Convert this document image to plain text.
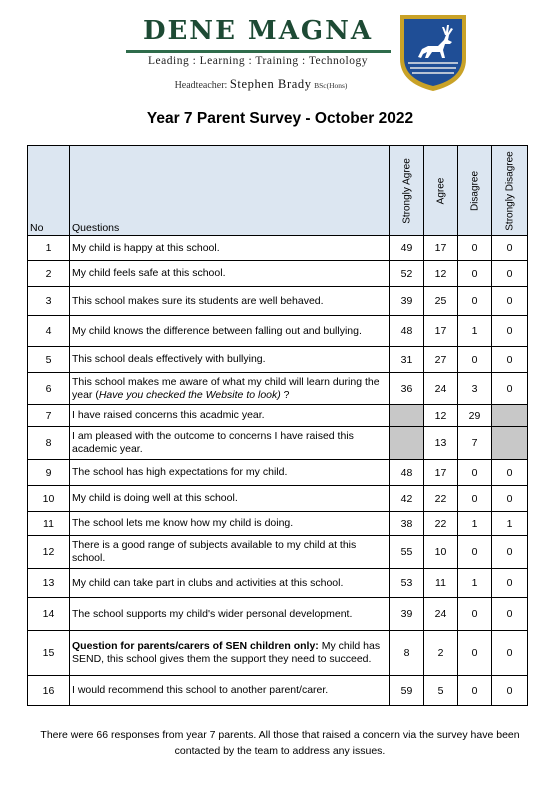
DENE MAGNA
Leading : Learning : Training : Technology
Headteacher: Stephen Brady BSc(Hons)
Year 7 Parent Survey - October 2022
No	Questions	Strongly Agree	Agree	Disagree	Strongly Disagree

1	My child is happy at this school.	49	17	0	0
2	My child feels safe at this school.	52	12	0	0
3	This school makes sure its students are well behaved.	39	25	0	0
4	My child knows the difference between falling out and bullying.	48	17	1	0
5	This school deals effectively with bullying.	31	27	0	0
6	This school makes me aware of what my child will learn during the year (Have you checked the Website to look) ?	36	24	3	0
7	I have raised concerns this acadmic year.		12	29	
8	I am pleased with the outcome to concerns I have raised this academic year.		13	7	
9	The school has high expectations for my child.	48	17	0	0
10	My child is doing well at this school.	42	22	0	0
11	The school lets me know how my child is doing.	38	22	1	1
12	There is a good range of subjects available to my child at this school.	55	10	0	0
13	My child can take part in clubs and activities at this school.	53	11	1	0
14	The school supports my child's wider personal development.	39	24	0	0
15	Question for parents/carers of SEN children only: My child has SEND, this school gives them the support they need to succeed.	8	2	0	0
16	I would recommend this school to another parent/carer.	59	5	0	0
There were 66 responses from year 7 parents. All those that raised a concern via the survey have been contacted by the team to address any issues.
